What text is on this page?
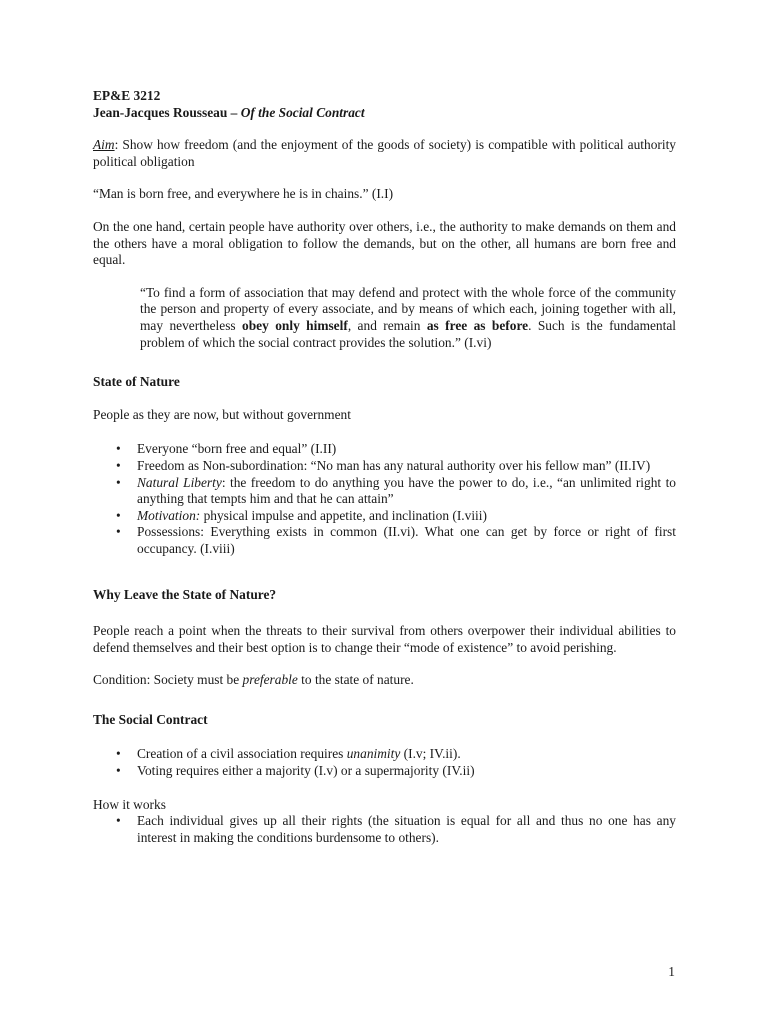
EP&E 3212
Jean-Jacques Rousseau – Of the Social Contract

Aim: Show how freedom (and the enjoyment of the goods of society) is compatible with political authority political obligation

“Man is born free, and everywhere he is in chains.” (I.I)

On the one hand, certain people have authority over others, i.e., the authority to make demands on them and the others have a moral obligation to follow the demands, but on the other, all humans are born free and equal.

“To find a form of association that may defend and protect with the whole force of the community the person and property of every associate, and by means of which each, joining together with all, may nevertheless obey only himself, and remain as free as before. Such is the fundamental problem of which the social contract provides the solution.” (I.vi)

State of Nature

People as they are now, but without government

• Everyone “born free and equal” (I.II)
• Freedom as Non-subordination: “No man has any natural authority over his fellow man” (II.IV)
• Natural Liberty: the freedom to do anything you have the power to do, i.e., “an unlimited right to anything that tempts him and that he can attain”
• Motivation: physical impulse and appetite, and inclination (I.viii)
• Possessions: Everything exists in common (II.vi). What one can get by force or right of first occupancy. (I.viii)

Why Leave the State of Nature?

People reach a point when the threats to their survival from others overpower their individual abilities to defend themselves and their best option is to change their “mode of existence” to avoid perishing.

Condition: Society must be preferable to the state of nature.

The Social Contract

• Creation of a civil association requires unanimity (I.v; IV.ii).
• Voting requires either a majority (I.v) or a supermajority (IV.ii)

How it works

• Each individual gives up all their rights (the situation is equal for all and thus no one has any interest in making the conditions burdensome to others).
1
